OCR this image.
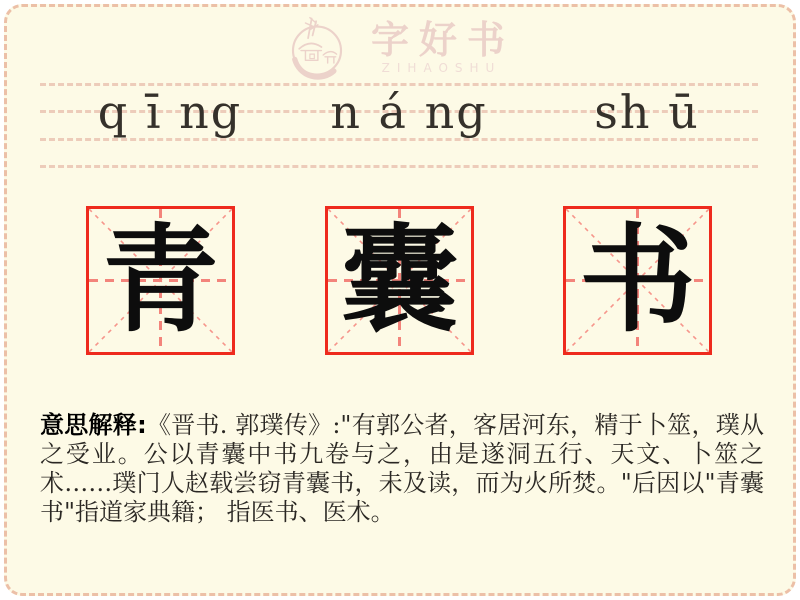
字好书
ZIHAOSHU
q ī ng n á ng	sh ū
青 囊 书
意思解释:《晋书. 郭璞传》:"有郭公者，客居河东，精于卜筮，璞从之受业。公以青囊中书九卷与之，由是遂洞五行、天文、卜筮之术……璞门人赵载尝窃青囊书，未及读，而为火所焚。"后因以"青囊书"指道家典籍； 指医书、医术。
